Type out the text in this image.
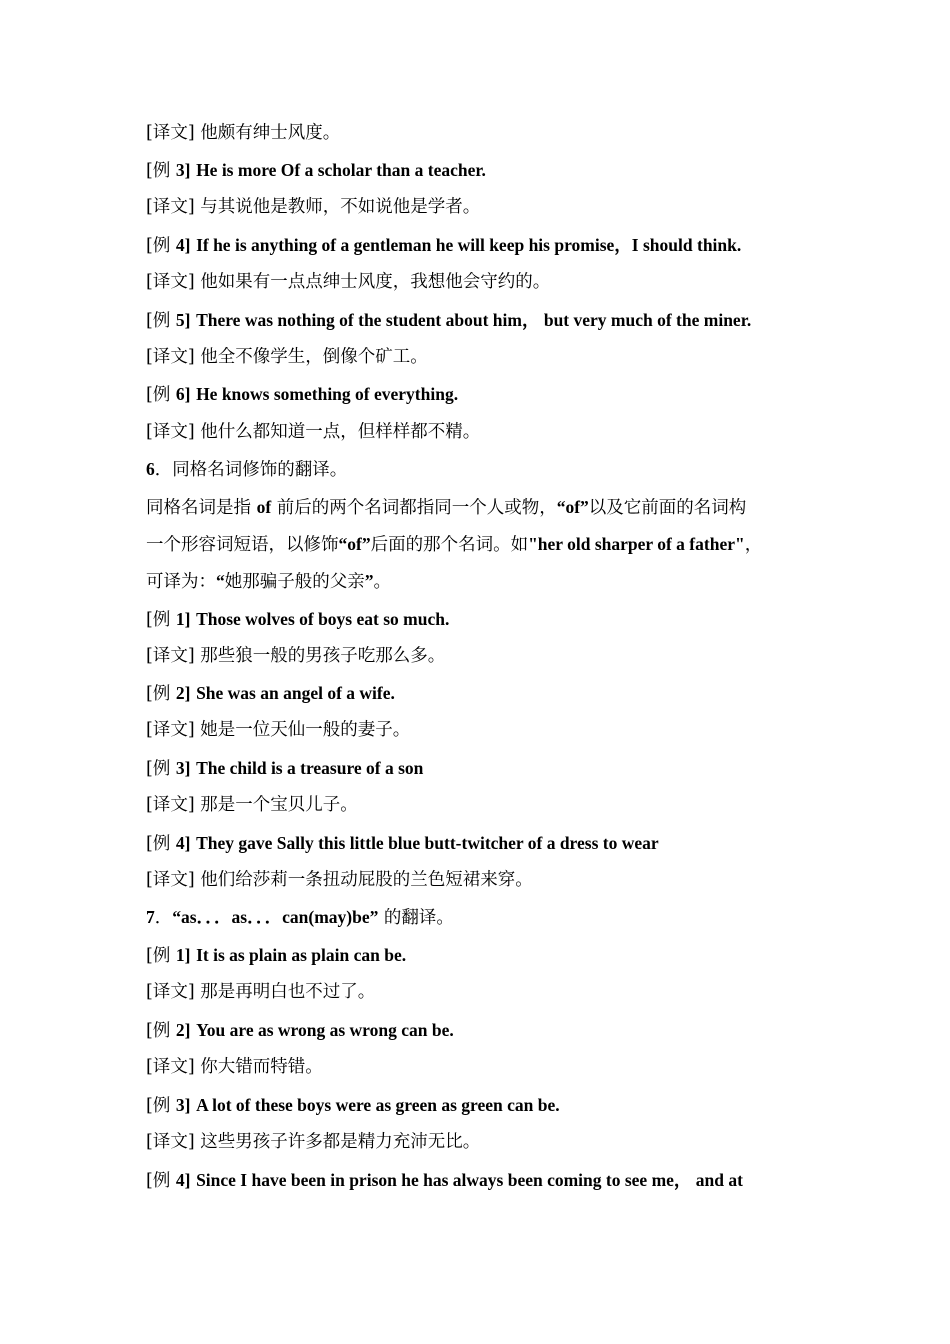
[译文] 他颇有绅士风度。
[例 3] He is more Of a scholar than a teacher.
[译文] 与其说他是教师，不如说他是学者。
[例 4] If he is anything of a gentleman he will keep his promise，I should think.
[译文] 他如果有一点点绅士风度，我想他会守约的。
[例 5] There was nothing of the student about him， but very much of the miner.
[译文] 他全不像学生，倒像个矿工。
[例 6] He knows something of everything.
[译文] 他什么都知道一点，但样样都不精。
6．同格名词修饰的翻译。
同格名词是指 of 前后的两个名词都指同一个人或物，“of”以及它前面的名词构
一个形容词短语，以修饰“of”后面的那个名词。如"her old sharper of a father"，
可译为：“她那骗子般的父亲”。
[例 1] Those wolves of boys eat so much.
[译文] 那些狼一般的男孩子吃那么多。
[例 2] She was an angel of a wife.
[译文] 她是一位天仙一般的妻子。
[例 3] The child is a treasure of a son
[译文] 那是一个宝贝儿子。
[例 4] They gave Sally this little blue butt-twitcher of a dress to wear
[译文] 他们给莎莉一条扭动屁股的兰色短裙来穿。
7．“as．．．as．．．can(may)be” 的翻译。
[例 1] It is as plain as plain can be.
[译文] 那是再明白也不过了。
[例 2] You are as wrong as wrong can be.
[译文] 你大错而特错。
[例 3] A lot of these boys were as green as green can be.
[译文] 这些男孩子许多都是精力充沛无比。
[例 4] Since I have been in prison he has always been coming to see me， and at
